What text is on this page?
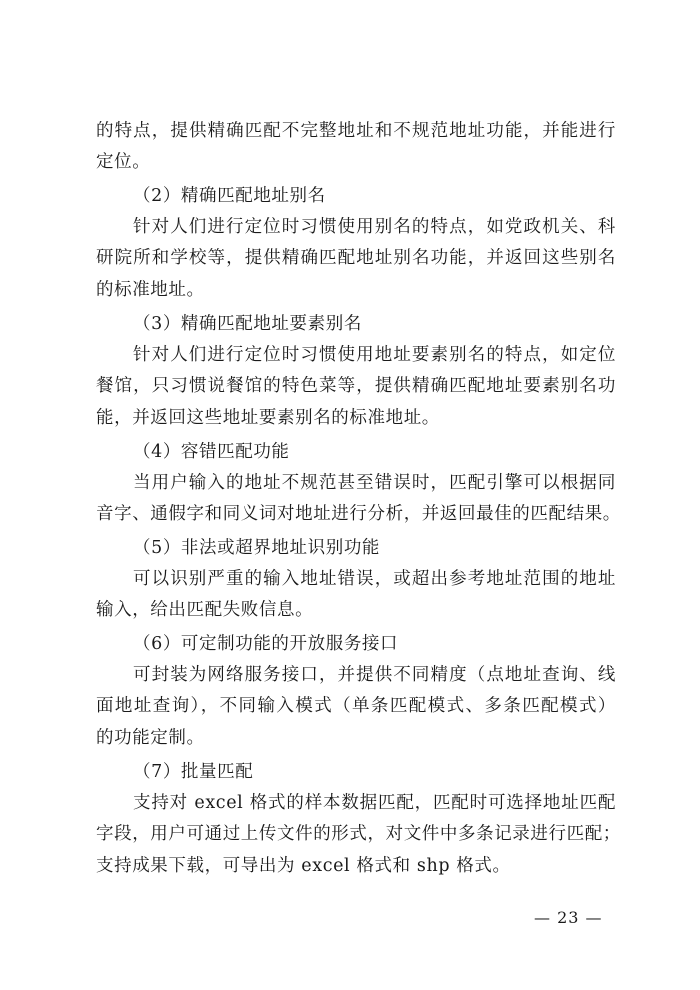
的特点，提供精确匹配不完整地址和不规范地址功能，并能进行
定位。
（2）精确匹配地址别名
针对人们进行定位时习惯使用别名的特点，如党政机关、科
研院所和学校等，提供精确匹配地址别名功能，并返回这些别名
的标准地址。
（3）精确匹配地址要素别名
针对人们进行定位时习惯使用地址要素别名的特点，如定位
餐馆，只习惯说餐馆的特色菜等，提供精确匹配地址要素别名功
能，并返回这些地址要素别名的标准地址。
（4）容错匹配功能
当用户输入的地址不规范甚至错误时，匹配引擎可以根据同
音字、通假字和同义词对地址进行分析，并返回最佳的匹配结果。
（5）非法或超界地址识别功能
可以识别严重的输入地址错误，或超出参考地址范围的地址
输入，给出匹配失败信息。
（6）可定制功能的开放服务接口
可封装为网络服务接口，并提供不同精度（点地址查询、线
面地址查询），不同输入模式（单条匹配模式、多条匹配模式）
的功能定制。
（7）批量匹配
支持对 excel 格式的样本数据匹配，匹配时可选择地址匹配
字段，用户可通过上传文件的形式，对文件中多条记录进行匹配；
支持成果下载，可导出为 excel 格式和 shp 格式。
— 23 —
